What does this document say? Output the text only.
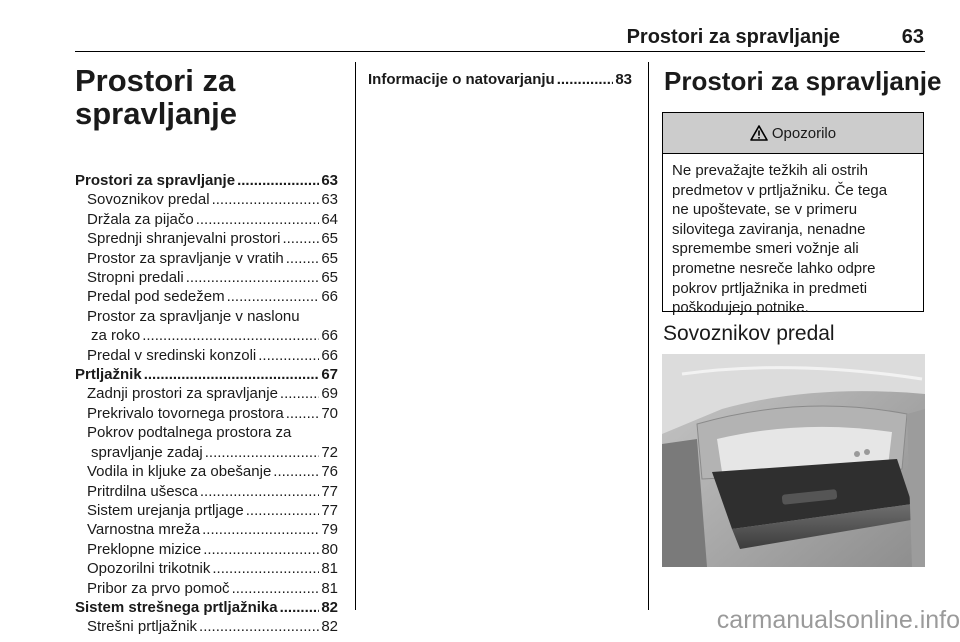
Prostori za spravljanje	63
Prostori za
spravljanje
Prostori za spravljanje .....	63
Sovoznikov predal .....	63
Držala za pijačo .....	64
Sprednji shranjevalni prostori .....	65
Prostor za spravljanje v vratih .....	65
Stropni predali .....	65
Predal pod sedežem .....	66
Prostor za spravljanje v naslonu
za roko .....	66
Predal v sredinski konzoli .....	66
Prtljažnik .....	67
Zadnji prostori za spravljanje .....	69
Prekrivalo tovornega prostora .....	70
Pokrov podtalnega prostora za
spravljanje zadaj .....	72
Vodila in kljuke za obešanje .....	76
Pritrdilna ušesca .....	77
Sistem urejanja prtljage .....	77
Varnostna mreža .....	79
Preklopne mizice .....	80
Opozorilni trikotnik .....	81
Pribor za prvo pomoč .....	81
Sistem strešnega prtljažnika .....	82
Strešni prtljažnik .....	82
Informacije o natovarjanju .....	83 Prostori za spravljanje
Opozorilo
Ne prevažajte težkih ali ostrih
predmetov v prtljažniku. Če tega
ne upoštevate, se v primeru
silovitega zaviranja, nenadne
spremembe smeri vožnje ali
prometne nesreče lahko odpre
pokrov prtljažnika in predmeti
poškodujejo potnike.
Sovoznikov predal
carmanualsonline.info
